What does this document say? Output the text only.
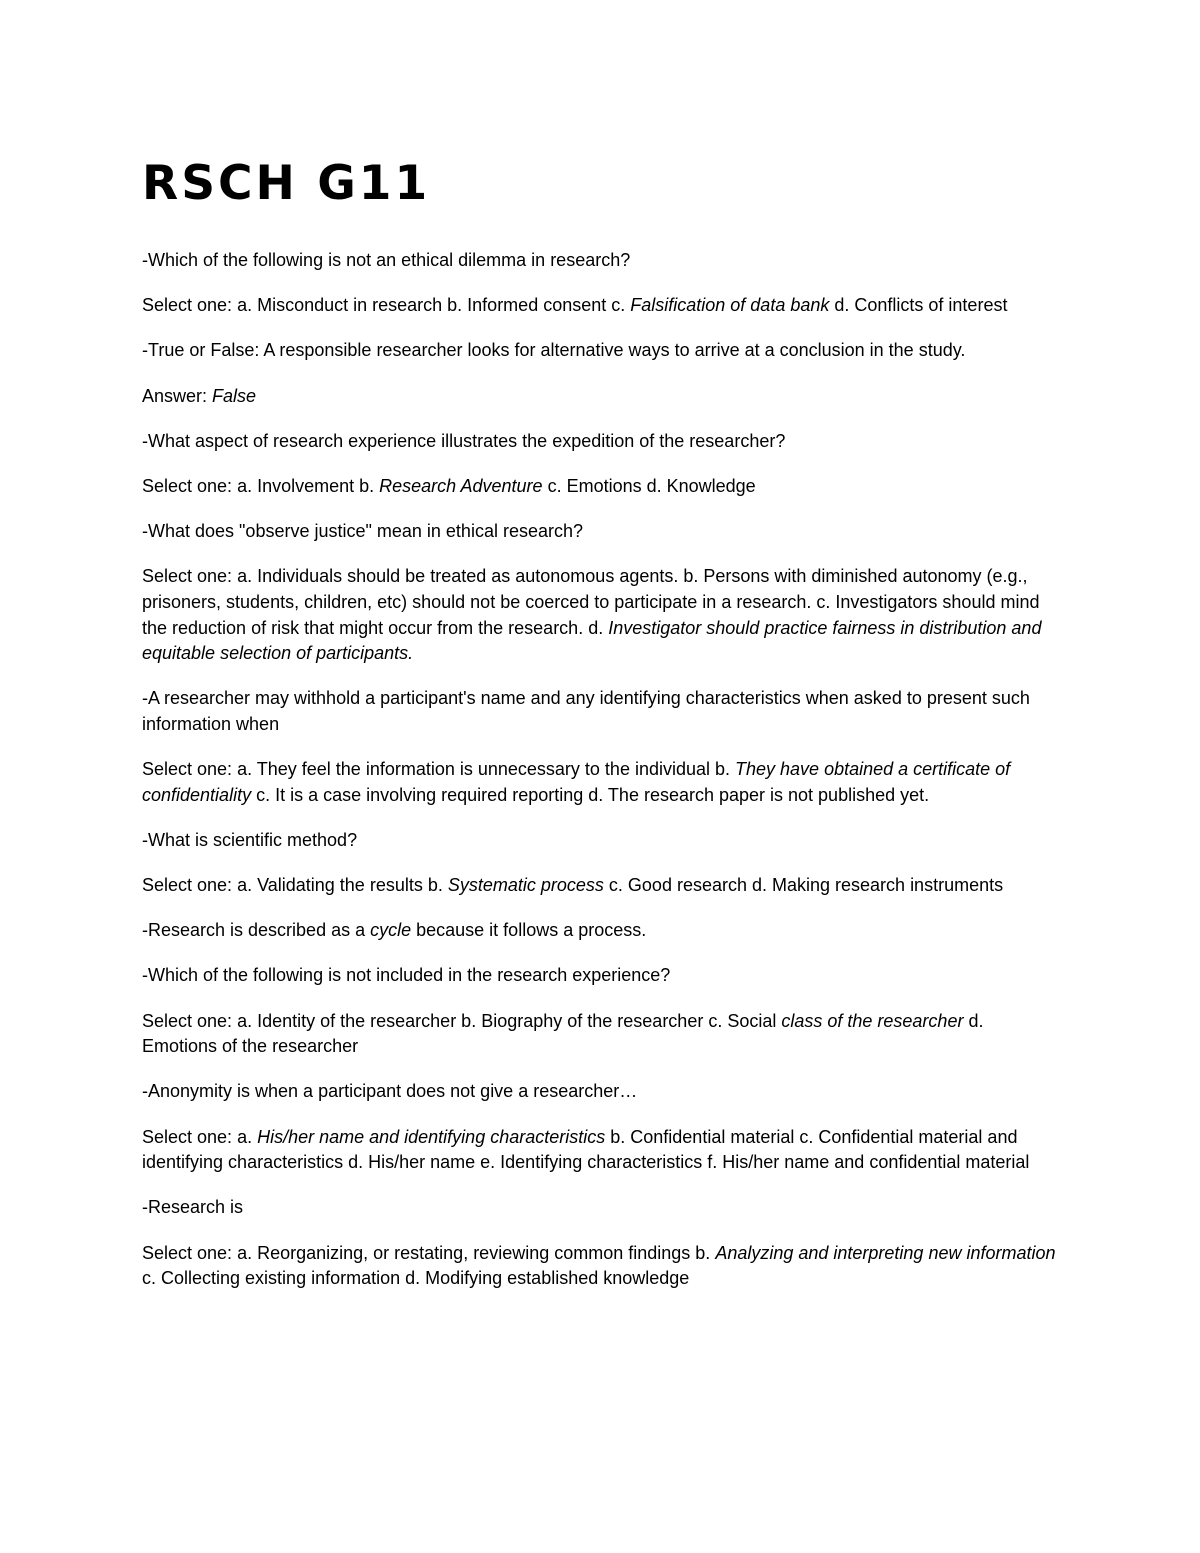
RSCH G11

-Which of the following is not an ethical dilemma in research?

Select one: a. Misconduct in research b. Informed consent c. Falsification of data bank d. Conflicts of interest

-True or False: A responsible researcher looks for alternative ways to arrive at a conclusion in the study.

Answer: False

-What aspect of research experience illustrates the expedition of the researcher?

Select one: a. Involvement b. Research Adventure c. Emotions d. Knowledge

-What does "observe justice" mean in ethical research?

Select one: a. Individuals should be treated as autonomous agents. b. Persons with diminished autonomy (e.g., prisoners, students, children, etc) should not be coerced to participate in a research. c. Investigators should mind the reduction of risk that might occur from the research. d. Investigator should practice fairness in distribution and equitable selection of participants.

-A researcher may withhold a participant's name and any identifying characteristics when asked to present such information when

Select one: a. They feel the information is unnecessary to the individual b. They have obtained a certificate of confidentiality c. It is a case involving required reporting d. The research paper is not published yet.

-What is scientific method?

Select one: a. Validating the results b. Systematic process c. Good research d. Making research instruments

-Research is described as a cycle because it follows a process.

-Which of the following is not included in the research experience?

Select one: a. Identity of the researcher b. Biography of the researcher c. Social class of the researcher d. Emotions of the researcher

-Anonymity is when a participant does not give a researcher…

Select one: a. His/her name and identifying characteristics b. Confidential material c. Confidential material and identifying characteristics d. His/her name e. Identifying characteristics f. His/her name and confidential material

-Research is

Select one: a. Reorganizing, or restating, reviewing common findings b. Analyzing and interpreting new information c. Collecting existing information d. Modifying established knowledge
